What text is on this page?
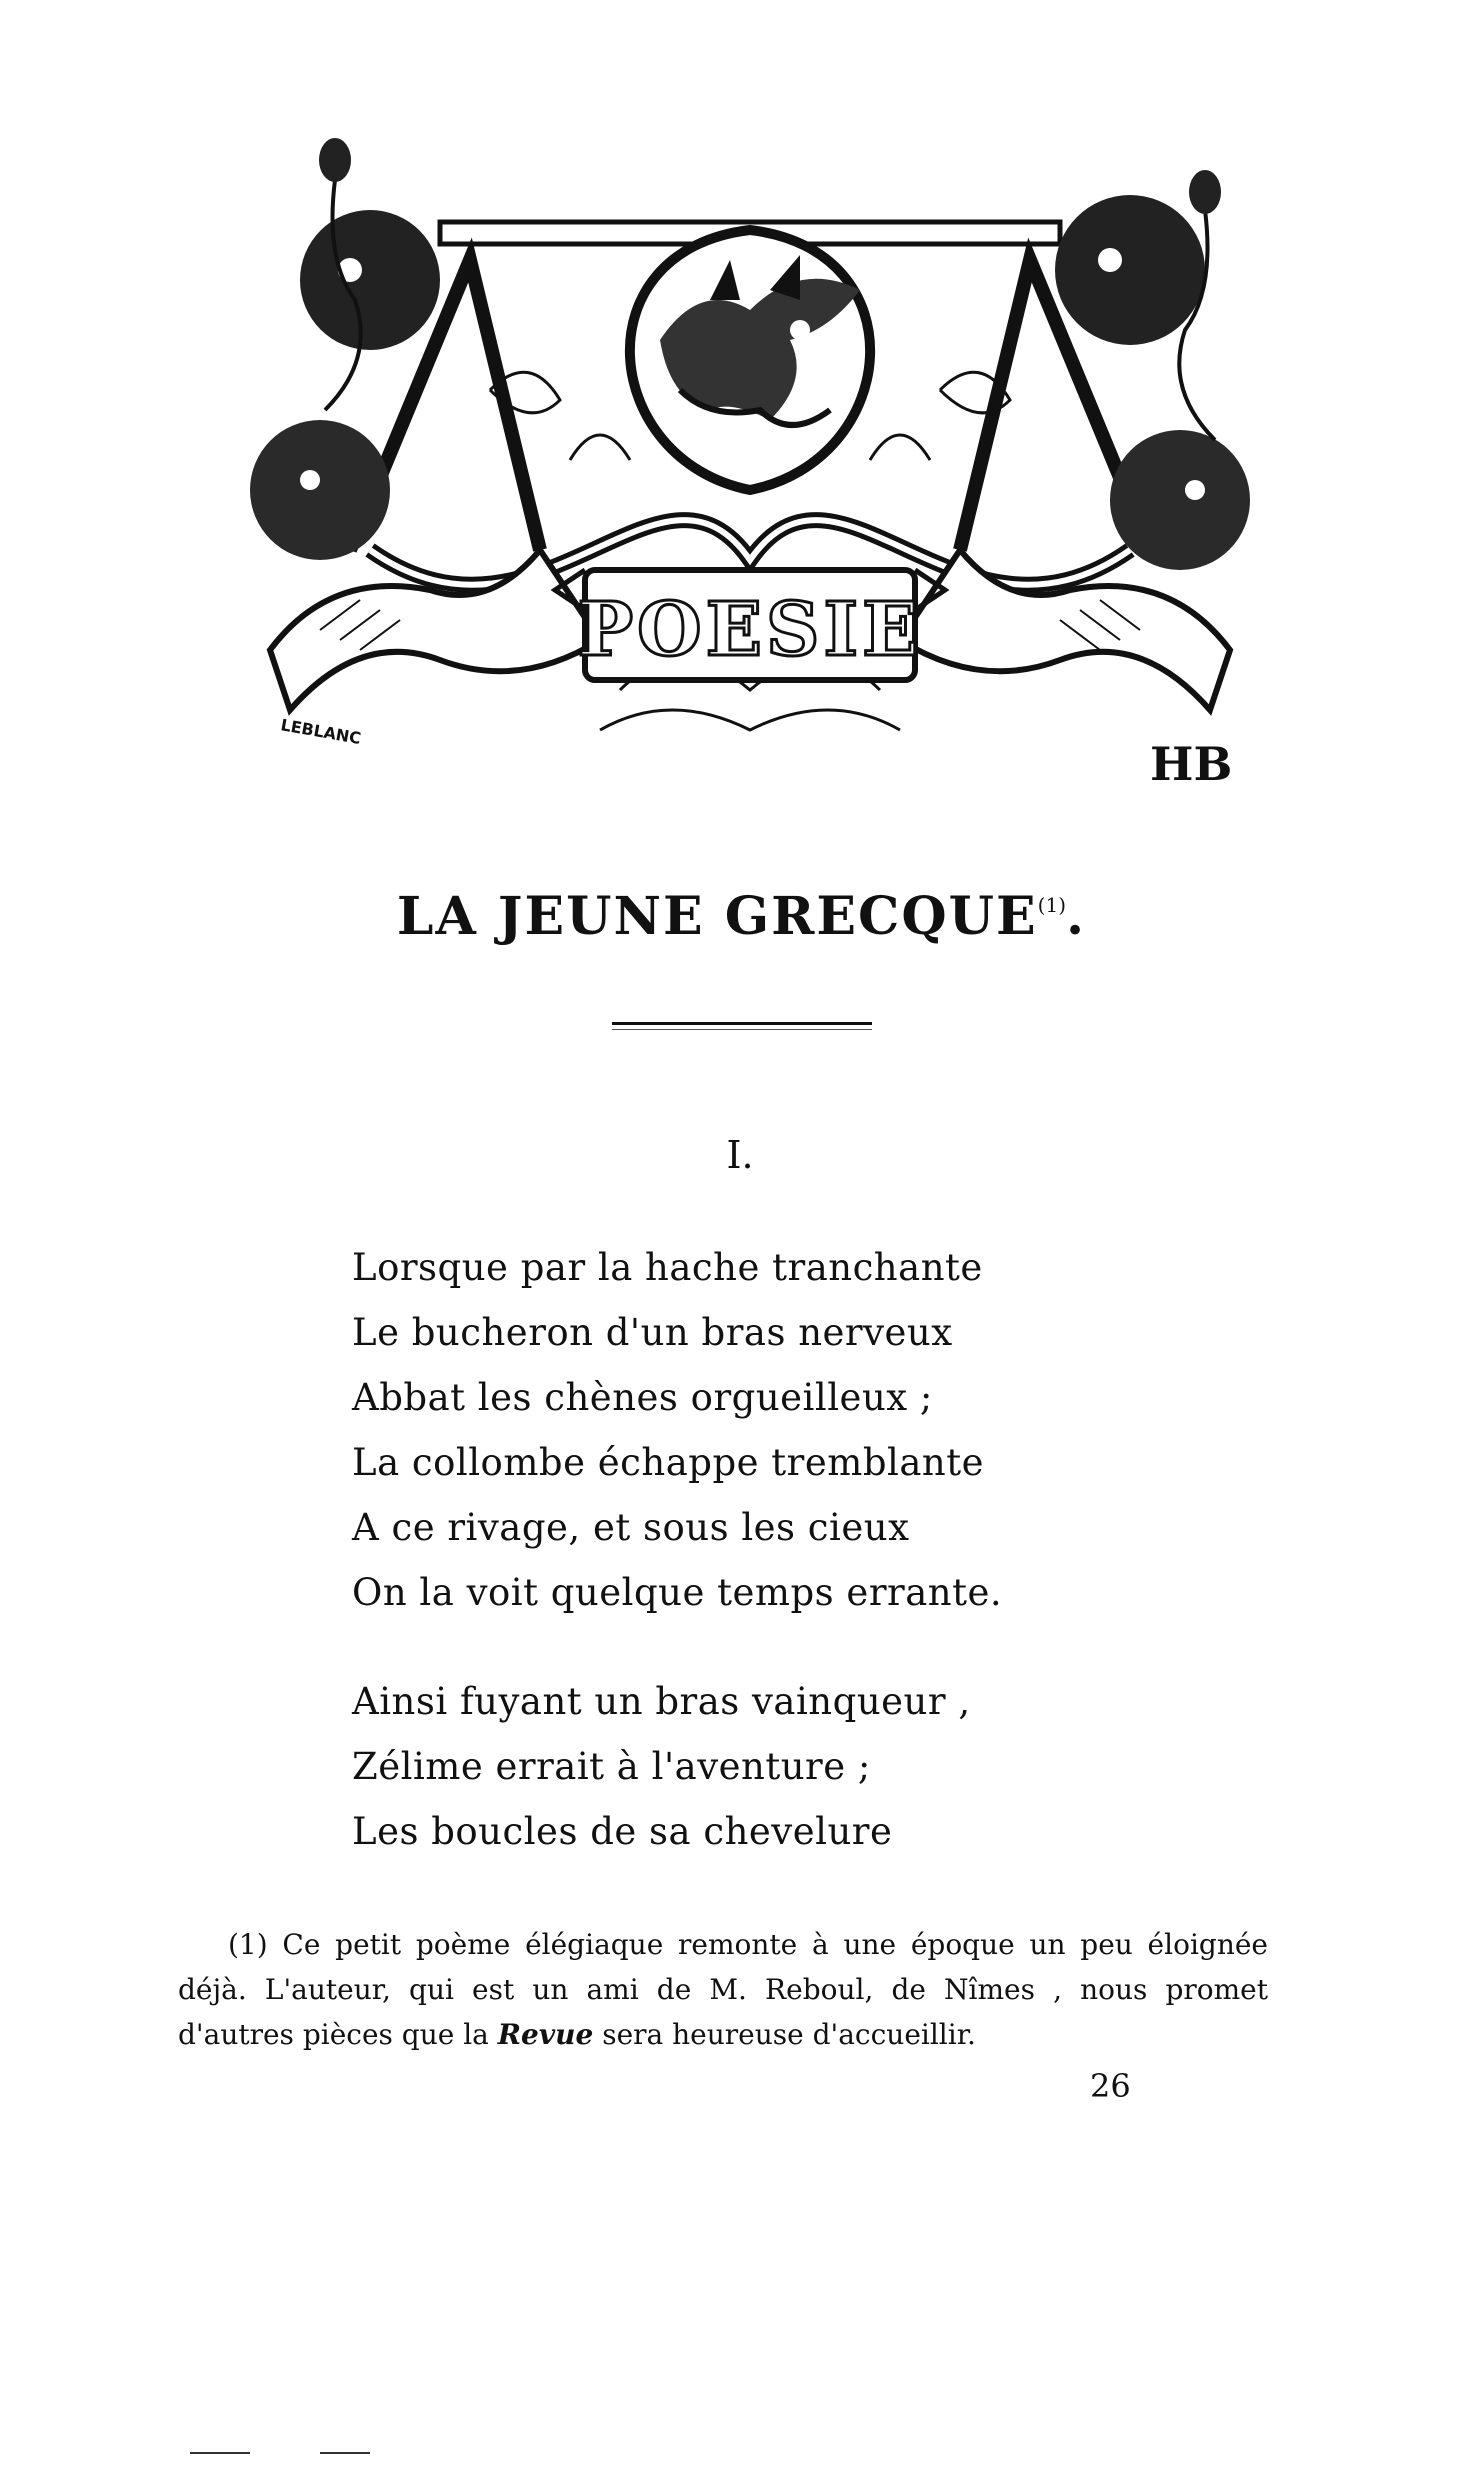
POESIE
LEBLANC
HB
LA JEUNE GRECQUE$^{(1)}$.
I.
Lorsque par la hache tranchante
Le bucheron d'un bras nerveux
Abbat les chènes orgueilleux ;
La collombe échappe tremblante
A ce rivage, et sous les cieux
On la voit quelque temps errante.
Ainsi fuyant un bras vainqueur ,
Zélime errait à l'aventure ;
Les boucles de sa chevelure

(1) Ce petit poème élégiaque remonte à une époque un peu éloignée déjà. L'auteur, qui est un ami de M. Reboul, de Nîmes , nous promet d'autres pièces que la Revue sera heureuse d'accueillir.

26
